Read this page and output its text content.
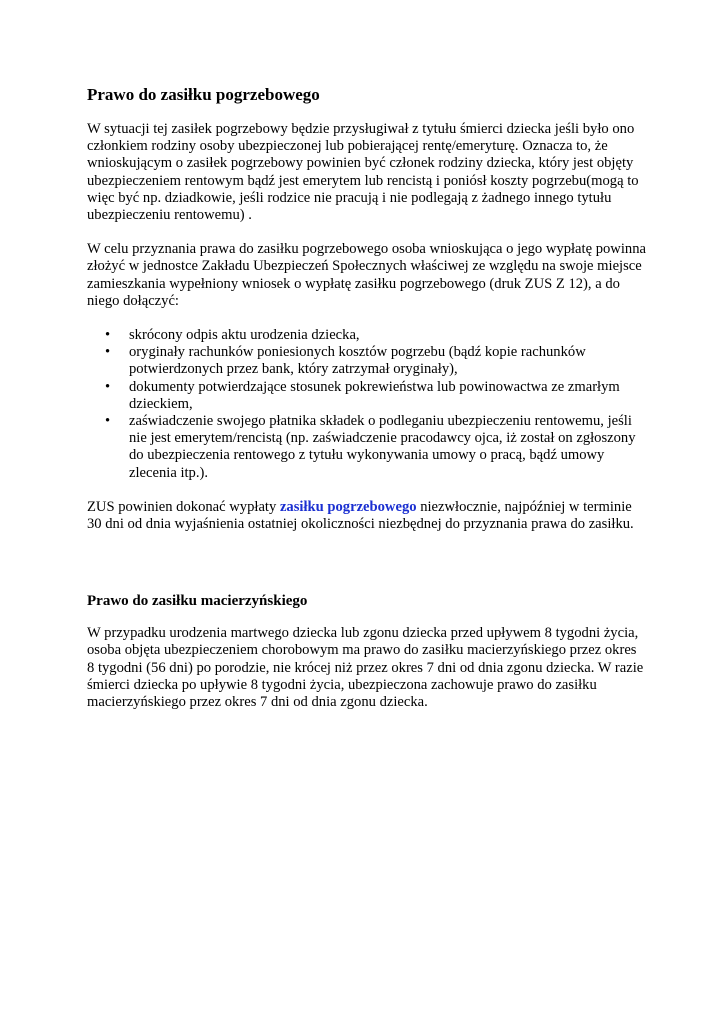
Prawo do zasiłku pogrzebowego

W sytuacji tej zasiłek pogrzebowy będzie przysługiwał z tytułu śmierci dziecka jeśli było ono członkiem rodziny osoby ubezpieczonej lub pobierającej rentę/emeryturę. Oznacza to, że wnioskującym o zasiłek pogrzebowy powinien być członek rodziny dziecka, który jest objęty ubezpieczeniem rentowym bądź jest emerytem lub rencistą i poniósł koszty pogrzebu(mogą to więc być np. dziadkowie, jeśli rodzice nie pracują i nie podlegają z żadnego innego tytułu ubezpieczeniu rentowemu) .

W celu przyznania prawa do zasiłku pogrzebowego osoba wnioskująca o jego wypłatę powinna złożyć w jednostce Zakładu Ubezpieczeń Społecznych właściwej ze względu na swoje miejsce zamieszkania wypełniony wniosek o wypłatę zasiłku pogrzebowego (druk ZUS Z 12), a do niego dołączyć:

• skrócony odpis aktu urodzenia dziecka,
• oryginały rachunków poniesionych kosztów pogrzebu (bądź kopie rachunków potwierdzonych przez bank, który zatrzymał oryginały),
• dokumenty potwierdzające stosunek pokrewieństwa lub powinowactwa ze zmarłym dzieckiem,
• zaświadczenie swojego płatnika składek o podleganiu ubezpieczeniu rentowemu, jeśli nie jest emerytem/rencistą (np. zaświadczenie pracodawcy ojca, iż został on zgłoszony do ubezpieczenia rentowego z tytułu wykonywania umowy o pracą, bądź umowy zlecenia itp.).

ZUS powinien dokonać wypłaty zasiłku pogrzebowego niezwłocznie, najpóźniej w terminie 30 dni od dnia wyjaśnienia ostatniej okoliczności niezbędnej do przyznania prawa do zasiłku.

Prawo do zasiłku macierzyńskiego

W przypadku urodzenia martwego dziecka lub zgonu dziecka przed upływem 8 tygodni życia, osoba objęta ubezpieczeniem chorobowym ma prawo do zasiłku macierzyńskiego przez okres 8 tygodni (56 dni) po porodzie, nie krócej niż przez okres 7 dni od dnia zgonu dziecka. W razie śmierci dziecka po upływie 8 tygodni życia, ubezpieczona zachowuje prawo do zasiłku macierzyńskiego przez okres 7 dni od dnia zgonu dziecka.
